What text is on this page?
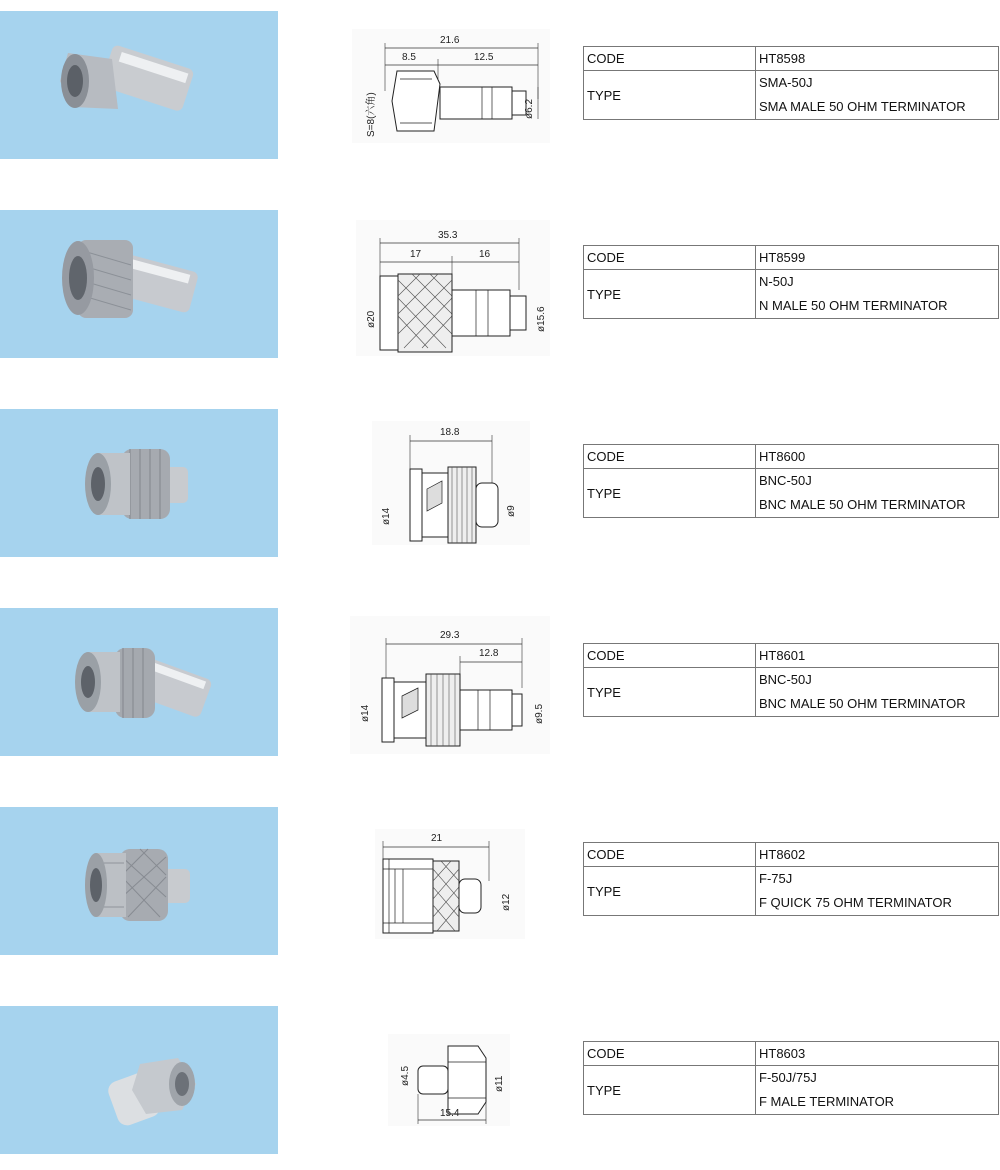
21.6
8.5	12.5
ø6.2
S=8(六角)
CODE	HT8598
TYPE	SMA-50J
SMA MALE 50 OHM TERMINATOR
35.3
17	16
ø20	ø15.6
CODE	HT8599
TYPE	N-50J
N MALE 50 OHM TERMINATOR
18.8
ø14	ø9
CODE	HT8600
TYPE	BNC-50J
BNC MALE 50 OHM TERMINATOR
29.3
12.8
ø14	ø9.5
CODE	HT8601
TYPE	BNC-50J
BNC MALE 50 OHM TERMINATOR
21
ø12
CODE	HT8602
TYPE	F-75J
F QUICK 75 OHM TERMINATOR
ø4.5
15.4
ø11
CODE	HT8603
TYPE	F-50J/75J
F MALE TERMINATOR
